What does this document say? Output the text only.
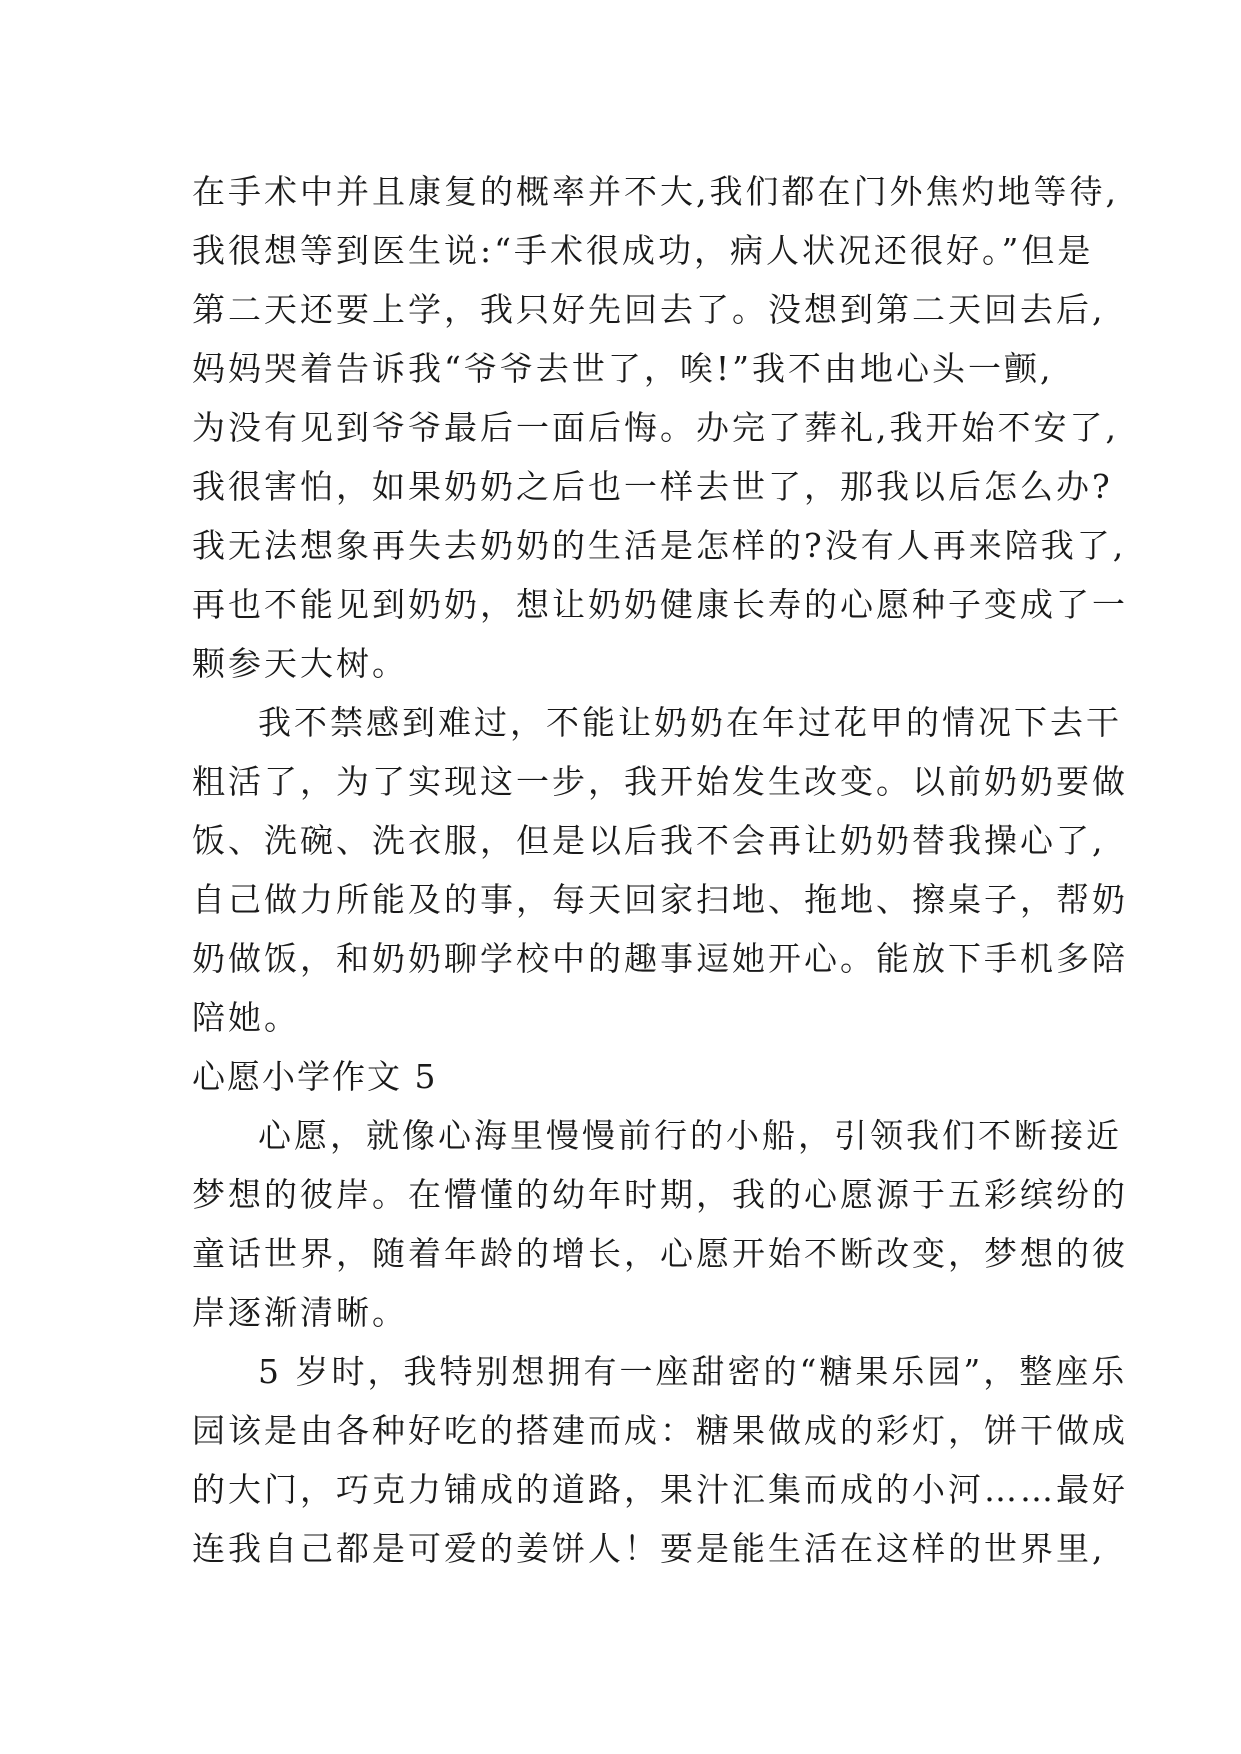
在手术中并且康复的概率并不大,我们都在门外焦灼地等待,
我很想等到医生说:“手术很成功，病人状况还很好。”但是
第二天还要上学，我只好先回去了。没想到第二天回去后,
妈妈哭着告诉我“爷爷去世了，唉!”我不由地心头一颤,
为没有见到爷爷最后一面后悔。办完了葬礼,我开始不安了,
我很害怕，如果奶奶之后也一样去世了，那我以后怎么办?
我无法想象再失去奶奶的生活是怎样的?没有人再来陪我了,
再也不能见到奶奶，想让奶奶健康长寿的心愿种子变成了一
颗参天大树。
我不禁感到难过，不能让奶奶在年过花甲的情况下去干
粗活了，为了实现这一步，我开始发生改变。以前奶奶要做
饭、洗碗、洗衣服，但是以后我不会再让奶奶替我操心了,
自己做力所能及的事，每天回家扫地、拖地、擦桌子，帮奶
奶做饭，和奶奶聊学校中的趣事逗她开心。能放下手机多陪
陪她。
心愿小学作文 5
心愿，就像心海里慢慢前行的小船，引领我们不断接近
梦想的彼岸。在懵懂的幼年时期，我的心愿源于五彩缤纷的
童话世界，随着年龄的增长，心愿开始不断改变，梦想的彼
岸逐渐清晰。
5 岁时，我特别想拥有一座甜密的“糖果乐园”，整座乐
园该是由各种好吃的搭建而成：糖果做成的彩灯，饼干做成
的大门，巧克力铺成的道路，果汁汇集而成的小河……最好
连我自己都是可爱的姜饼人！要是能生活在这样的世界里,
